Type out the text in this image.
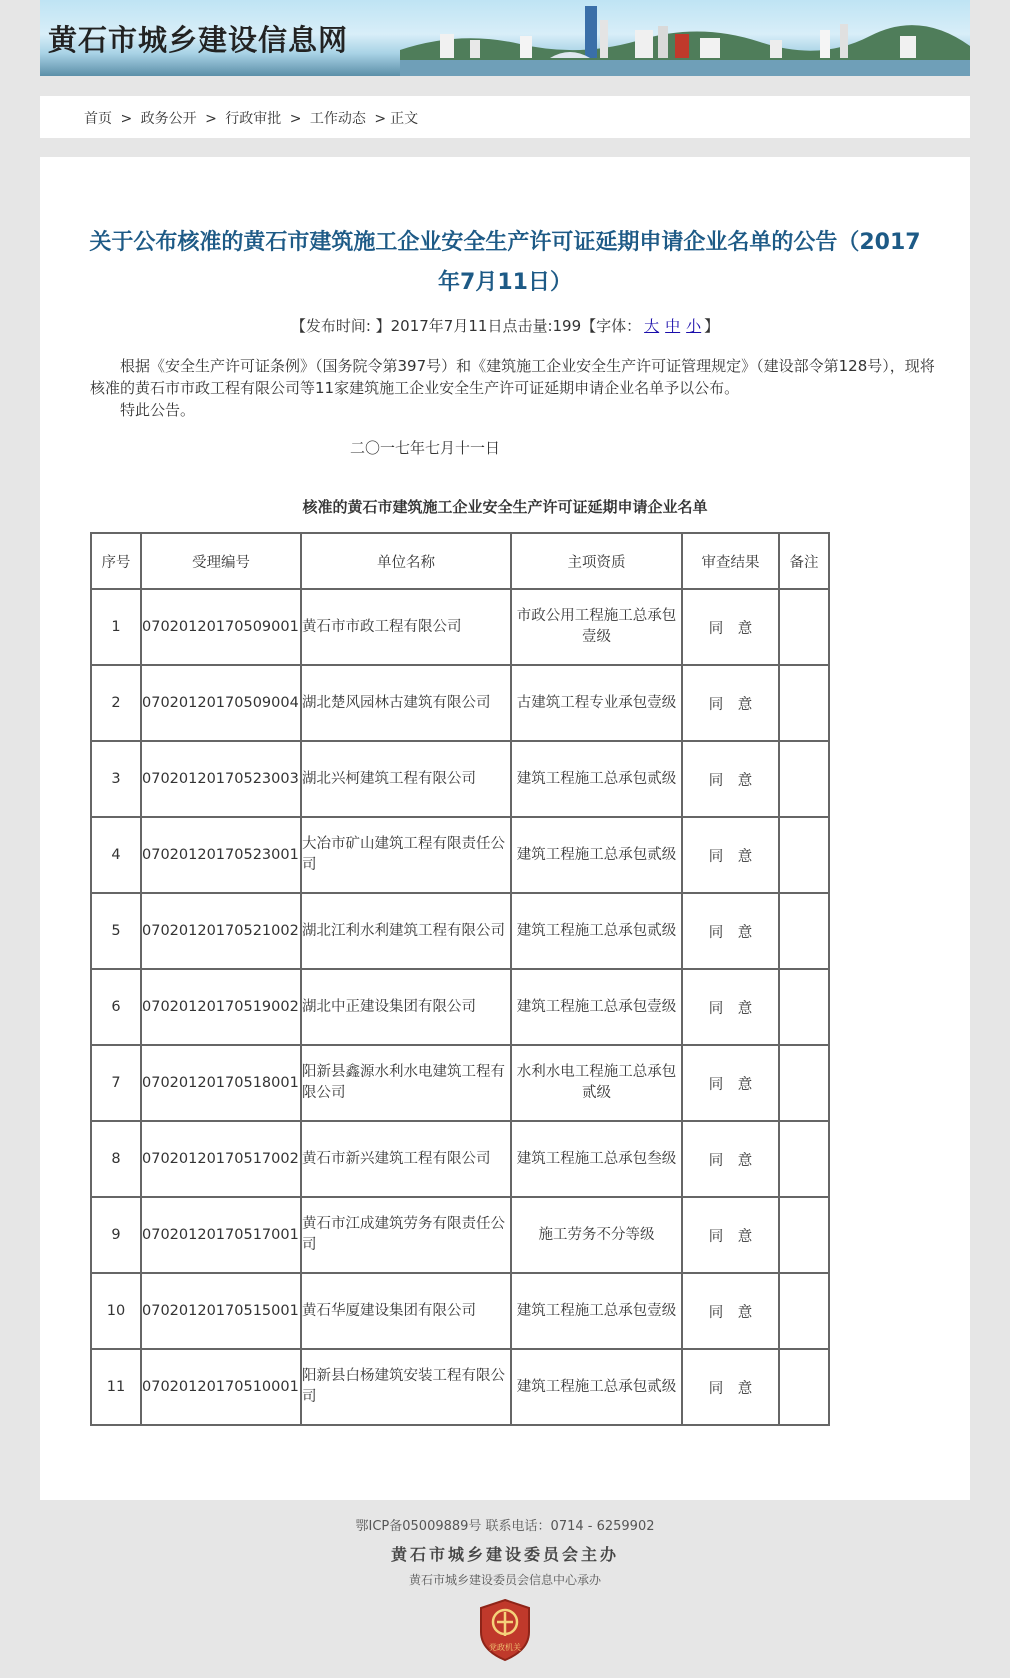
黄石市城乡建设信息网
首页 > 政务公开 > 行政审批 > 工作动态 > 正文
关于公布核准的黄石市建筑施工企业安全生产许可证延期申请企业名单的公告（2017年7月11日）
【发布时间: 】2017年7月11日点击量:199【字体： 大 中 小 】

根据《安全生产许可证条例》（国务院令第397号）和《建筑施工企业安全生产许可证管理规定》（建设部令第128号），现将核准的黄石市市政工程有限公司等11家建筑施工企业安全生产许可证延期申请企业名单予以公布。

特此公告。

二〇一七年七月十一日
核准的黄石市建筑施工企业安全生产许可证延期申请企业名单
序号	受理编号	单位名称	主项资质	审查结果	备注
1	07020120170509001	黄石市市政工程有限公司	市政公用工程施工总承包壹级	同　意	
2	07020120170509004	湖北楚风园林古建筑有限公司	古建筑工程专业承包壹级	同　意	
3	07020120170523003	湖北兴柯建筑工程有限公司	建筑工程施工总承包贰级	同　意	
4	07020120170523001	大冶市矿山建筑工程有限责任公司	建筑工程施工总承包贰级	同　意	
5	07020120170521002	湖北江利水利建筑工程有限公司	建筑工程施工总承包贰级	同　意	
6	07020120170519002	湖北中正建设集团有限公司	建筑工程施工总承包壹级	同　意	
7	07020120170518001	阳新县鑫源水利水电建筑工程有限公司	水利水电工程施工总承包贰级	同　意	
8	07020120170517002	黄石市新兴建筑工程有限公司	建筑工程施工总承包叁级	同　意	
9	07020120170517001	黄石市江成建筑劳务有限责任公司	施工劳务不分等级	同　意	
10	07020120170515001	黄石华厦建设集团有限公司	建筑工程施工总承包壹级	同　意	
11	07020120170510001	阳新县白杨建筑安装工程有限公司	建筑工程施工总承包贰级	同　意	
鄂ICP备05009889号 联系电话：0714 - 6259902
黄石市城乡建设委员会主办
黄石市城乡建设委员会信息中心承办
党政机关
